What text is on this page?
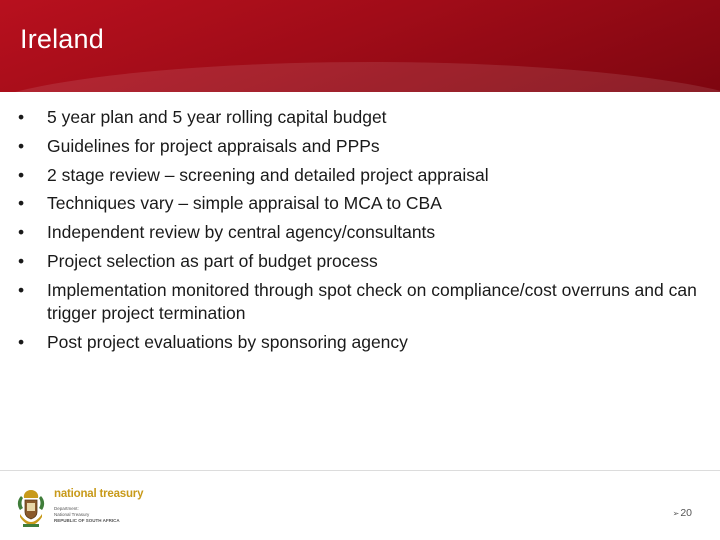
Ireland
• 5 year plan and 5 year rolling capital budget
• Guidelines for project appraisals and PPPs
• 2 stage review – screening and detailed project appraisal
• Techniques vary – simple appraisal to MCA to CBA
• Independent review by central agency/consultants
• Project selection as part of budget process
• Implementation monitored through spot check on compliance/cost overruns and can trigger project termination
• Post project evaluations by sponsoring agency
national treasury
Department:
National Treasury
REPUBLIC OF SOUTH AFRICA
➢20
